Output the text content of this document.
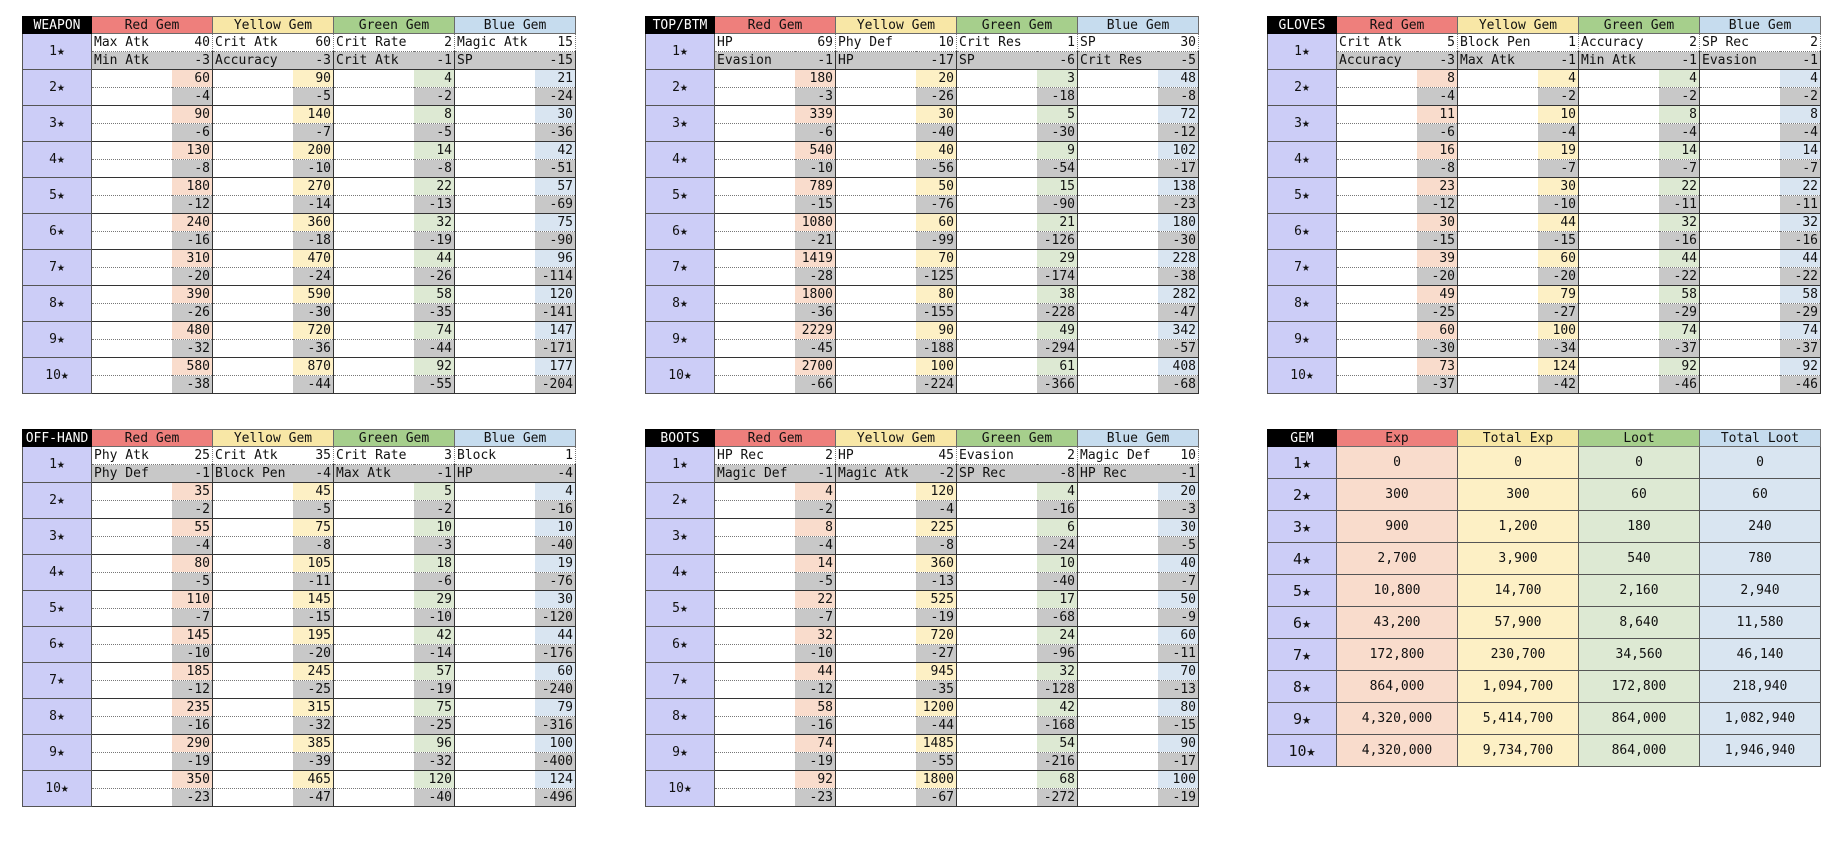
WEAPON	Red Gem		Yellow Gem		Green Gem		Blue Gem	
1★	Max Atk	40	Crit Atk	60	Crit Rate	2	Magic Atk	15
	Min Atk	-3	Accuracy	-3	Crit Atk	-1	SP	-15
2★		60		90		4		21
		-4		-5		-2		-24
3★		90		140		8		30
		-6		-7		-5		-36
4★		130		200		14		42
		-8		-10		-8		-51
5★		180		270		22		57
		-12		-14		-13		-69
6★		240		360		32		75
		-16		-18		-19		-90
7★		310		470		44		96
		-20		-24		-26		-114
8★		390		590		58		120
		-26		-30		-35		-141
9★		480		720		74		147
		-32		-36		-44		-171
10★		580		870		92		177
		-38		-44		-55		-204
TOP/BTM	Red Gem		Yellow Gem		Green Gem		Blue Gem	
1★	HP	69	Phy Def	10	Crit Res	1	SP	30
	Evasion	-1	HP	-17	SP	-6	Crit Res	-5
2★		180		20		3		48
		-3		-26		-18		-8
3★		339		30		5		72
		-6		-40		-30		-12
4★		540		40		9		102
		-10		-56		-54		-17
5★		789		50		15		138
		-15		-76		-90		-23
6★		1080		60		21		180
		-21		-99		-126		-30
7★		1419		70		29		228
		-28		-125		-174		-38
8★		1800		80		38		282
		-36		-155		-228		-47
9★		2229		90		49		342
		-45		-188		-294		-57
10★		2700		100		61		408
		-66		-224		-366		-68
GLOVES	Red Gem		Yellow Gem		Green Gem		Blue Gem	
1★	Crit Atk	5	Block Pen	1	Accuracy	2	SP Rec	2
	Accuracy	-3	Max Atk	-1	Min Atk	-1	Evasion	-1
2★		8		4		4		4
		-4		-2		-2		-2
3★		11		10		8		8
		-6		-4		-4		-4
4★		16		19		14		14
		-8		-7		-7		-7
5★		23		30		22		22
		-12		-10		-11		-11
6★		30		44		32		32
		-15		-15		-16		-16
7★		39		60		44		44
		-20		-20		-22		-22
8★		49		79		58		58
		-25		-27		-29		-29
9★		60		100		74		74
		-30		-34		-37		-37
10★		73		124		92		92
		-37		-42		-46		-46
OFF-HAND	Red Gem		Yellow Gem		Green Gem		Blue Gem	
1★	Phy Atk	25	Crit Atk	35	Crit Rate	3	Block	1
	Phy Def	-1	Block Pen	-4	Max Atk	-1	HP	-4
2★		35		45		5		4
		-2		-5		-2		-16
3★		55		75		10		10
		-4		-8		-3		-40
4★		80		105		18		19
		-5		-11		-6		-76
5★		110		145		29		30
		-7		-15		-10		-120
6★		145		195		42		44
		-10		-20		-14		-176
7★		185		245		57		60
		-12		-25		-19		-240
8★		235		315		75		79
		-16		-32		-25		-316
9★		290		385		96		100
		-19		-39		-32		-400
10★		350		465		120		124
		-23		-47		-40		-496
BOOTS	Red Gem		Yellow Gem		Green Gem		Blue Gem	
1★	HP Rec	2	HP	45	Evasion	2	Magic Def	10
	Magic Def	-1	Magic Atk	-2	SP Rec	-8	HP Rec	-1
2★		4		120		4		20
		-2		-4		-16		-3
3★		8		225		6		30
		-4		-8		-24		-5
4★		14		360		10		40
		-5		-13		-40		-7
5★		22		525		17		50
		-7		-19		-68		-9
6★		32		720		24		60
		-10		-27		-96		-11
7★		44		945		32		70
		-12		-35		-128		-13
8★		58		1200		42		80
		-16		-44		-168		-15
9★		74		1485		54		90
		-19		-55		-216		-17
10★		92		1800		68		100
		-23		-67		-272		-19
GEM	Exp	Total Exp	Loot	Total Loot
1★	0	0	0	0
2★	300	300	60	60
3★	900	1,200	180	240
4★	2,700	3,900	540	780
5★	10,800	14,700	2,160	2,940
6★	43,200	57,900	8,640	11,580
7★	172,800	230,700	34,560	46,140
8★	864,000	1,094,700	172,800	218,940
9★	4,320,000	5,414,700	864,000	1,082,940
10★	4,320,000	9,734,700	864,000	1,946,940
